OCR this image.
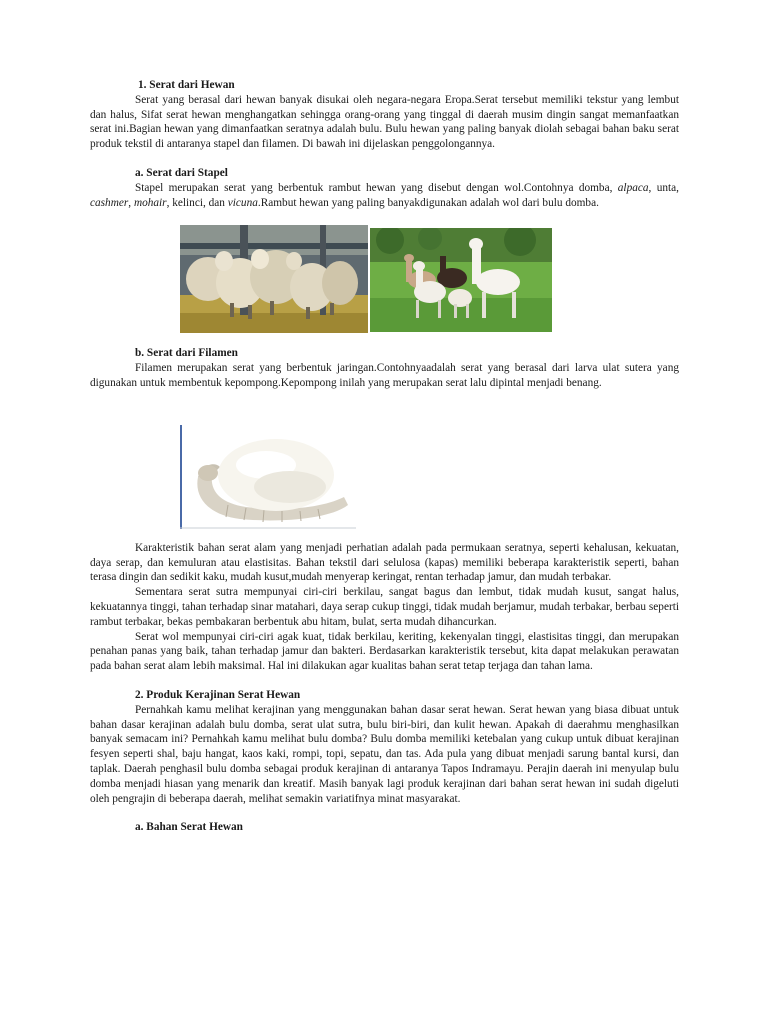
1. Serat dari Hewan

Serat yang berasal dari hewan banyak disukai oleh negara-negara Eropa.Serat tersebut memiliki tekstur yang lembut dan halus, Sifat serat hewan menghangatkan sehingga orang-orang yang tinggal di daerah musim dingin sangat memanfaatkan serat ini.Bagian hewan yang dimanfaatkan seratnya adalah bulu. Bulu hewan yang paling banyak diolah sebagai bahan baku serat produk tekstil di antaranya stapel dan filamen. Di bawah ini dijelaskan penggolongannya.

a. Serat dari Stapel

Stapel merupakan serat yang berbentuk rambut hewan yang disebut dengan wol.Contohnya domba, alpaca, unta, cashmer, mohair, kelinci, dan vicuna.Rambut hewan yang paling banyakdigunakan adalah wol dari bulu domba.

b. Serat dari Filamen

Filamen merupakan serat yang berbentuk jaringan.Contohnyaadalah serat yang berasal dari larva ulat sutera yang digunakan untuk membentuk kepompong.Kepompong inilah yang merupakan serat lalu dipintal menjadi benang.

Karakteristik bahan serat alam yang menjadi perhatian adalah pada permukaan seratnya, seperti kehalusan, kekuatan, daya serap, dan kemuluran atau elastisitas. Bahan tekstil dari selulosa (kapas) memiliki beberapa karakteristik seperti, bahan terasa dingin dan sedikit kaku, mudah kusut,mudah menyerap keringat, rentan terhadap jamur, dan mudah terbakar.

Sementara serat sutra mempunyai ciri-ciri berkilau, sangat bagus dan lembut, tidak mudah kusut, sangat halus, kekuatannya tinggi, tahan terhadap sinar matahari, daya serap cukup tinggi, tidak mudah berjamur, mudah terbakar, berbau seperti rambut terbakar, bekas pembakaran berbentuk abu hitam, bulat, serta mudah dihancurkan.

Serat wol mempunyai ciri-ciri agak kuat, tidak berkilau, keriting, kekenyalan tinggi, elastisitas tinggi, dan merupakan penahan panas yang baik, tahan terhadap jamur dan bakteri. Berdasarkan karakteristik tersebut, kita dapat melakukan perawatan pada bahan serat alam lebih maksimal. Hal ini dilakukan agar kualitas bahan serat tetap terjaga dan tahan lama.

2. Produk Kerajinan Serat Hewan

Pernahkah kamu melihat kerajinan yang menggunakan bahan dasar serat hewan. Serat hewan yang biasa dibuat untuk bahan dasar kerajinan adalah bulu domba, serat ulat sutra, bulu biri-biri, dan kulit hewan. Apakah di daerahmu menghasilkan banyak semacam ini? Pernahkah kamu melihat bulu domba? Bulu domba memiliki ketebalan yang cukup untuk dibuat kerajinan fesyen seperti shal, baju hangat, kaos kaki, rompi, topi, sepatu, dan tas. Ada pula yang dibuat menjadi sarung bantal kursi, dan taplak. Daerah penghasil bulu domba sebagai produk kerajinan di antaranya Tapos Indramayu. Perajin daerah ini menyulap bulu domba menjadi hiasan yang menarik dan kreatif. Masih banyak lagi produk kerajinan dari bahan serat hewan ini sudah digeluti oleh pengrajin di beberapa daerah, melihat semakin variatifnya minat masyarakat.

a. Bahan Serat Hewan
